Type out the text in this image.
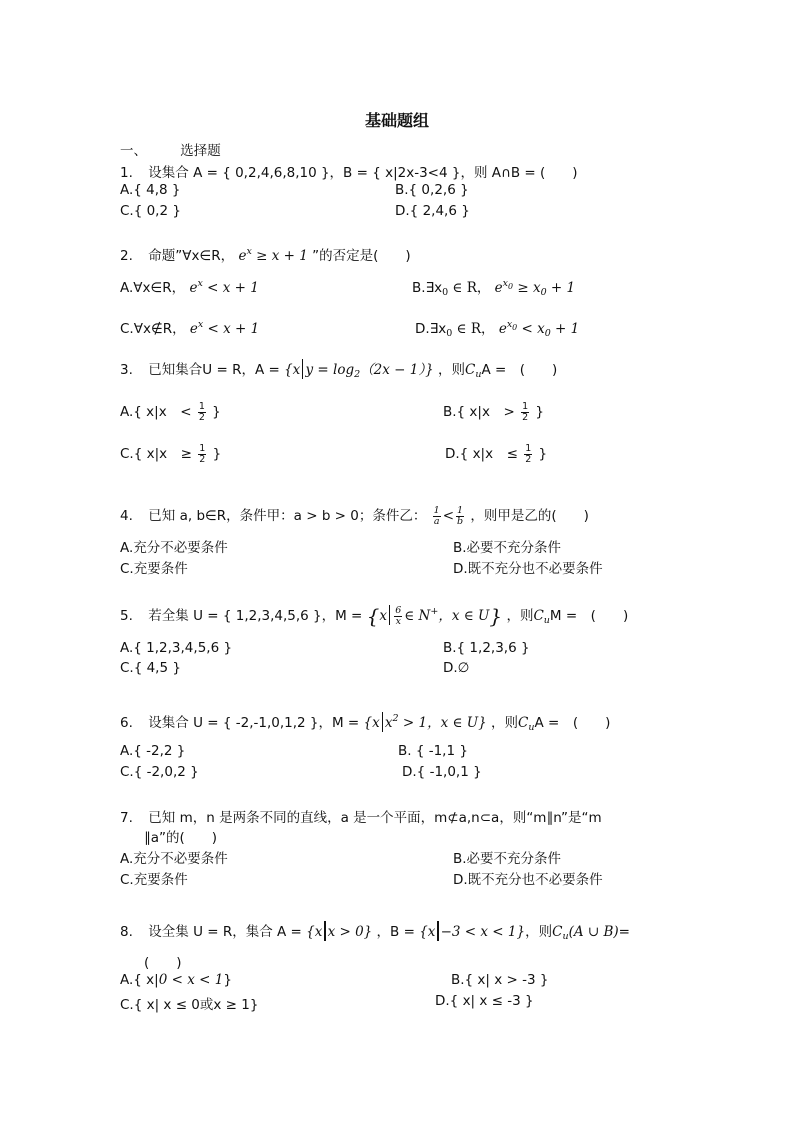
基础题组
一、 选择题
1. 设集合 A = { 0,2,4,6,8,10 }，B = { x|2x-3<4 }，则 A∩B = (　　)
A.{ 4,8 }	B.{ 0,2,6 }
C.{ 0,2 }	D.{ 2,4,6 }
2. 命题”∀x∈R， $e^x \ge x + 1$ ”的否定是(　　)
A.∀x∈R， $e^x < x + 1$	$B.\exists x_0$ ∈ R， $e^{x_0} \ge x_0 + 1$
C.∀x∉R， $e^x < x + 1$	$D.\exists x_0$ ∈ R， $e^{x_0} < x_0 + 1$
3. 已知集合U = R，A = {x $y = \log_2(2x - 1)$} ，则$C_uA$ =　(　　)
A.{ x|x　< $\frac{1}{2}$ }	B.{ x|x　> $\frac{1}{2}$ }
C.{ x|x　≥ $\frac{1}{2}$ }	D.{ x|x　≤ $\frac{1}{2}$ }
4. 已知 a, b∈R，条件甲：a > b > 0；条件乙： $\frac{1}{a} < \frac{1}{b}$ ，则甲是乙的(　　)
A.充分不必要条件	B.必要不充分条件
C.充要条件	D.既不充分也不必要条件
5. 若全集 U = { 1,2,3,4,5,6 }，$M = \{x \frac{6}{x}$ ∈ N+，x ∈ U} ，则$C_uM$ =　(　　)
A.{ 1,2,3,4,5,6 }	B.{ 1,2,3,6 }
C.{ 4,5 }	D.∅
6. 设集合 U = { -2,-1,0,1,2 }，M = {x $x^2 > 1$，x ∈ U} ，则$C_uA$ =　(　　)
A.{ -2,2 }	B. { -1,1 }
C.{ -2,0,2 }	D.{ -1,0,1 }
7. 已知 m，n 是两条不同的直线，a 是一个平面，m⊄a,n⊂a，则“m∥n”是“m
∥a”的(　　)
A.充分不必要条件	B.必要不充分条件
C.充要条件	D.既不充分也不必要条件
8. 设全集 U = R，集合 A = {x x > 0} ，B = {x −3 < x < 1}，则$C_u(A$ ∪ B)=
(　　)
A.{ x|0 < x < 1}	B.{ x| x > -3 }
C.{ x| x ≤ 0或x ≥ 1}	D.{ x| x ≤ -3 }
